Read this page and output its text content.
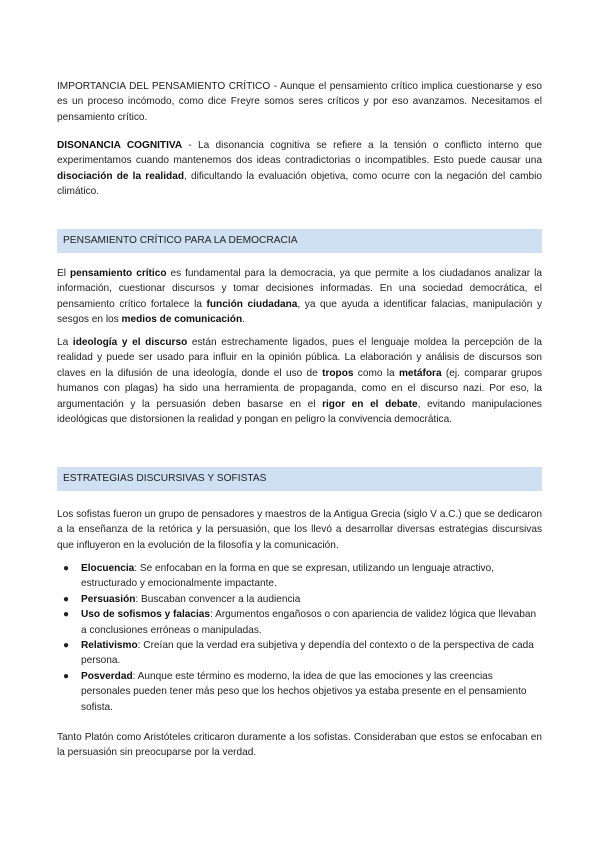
IMPORTANCIA DEL PENSAMIENTO CRÍTICO - Aunque el pensamiento crítico implica cuestionarse y eso es un proceso incómodo, como dice Freyre somos seres críticos y por eso avanzamos. Necesitamos el pensamiento crítico.

DISONANCIA COGNITIVA - La disonancia cognitiva se refiere a la tensión o conflicto interno que experimentamos cuando mantenemos dos ideas contradictorias o incompatibles. Esto puede causar una disociación de la realidad, dificultando la evaluación objetiva, como ocurre con la negación del cambio climático.

PENSAMIENTO CRÍTICO PARA LA DEMOCRACIA

El pensamiento crítico es fundamental para la democracia, ya que permite a los ciudadanos analizar la información, cuestionar discursos y tomar decisiones informadas. En una sociedad democrática, el pensamiento crítico fortalece la función ciudadana, ya que ayuda a identificar falacias, manipulación y sesgos en los medios de comunicación.

La ideología y el discurso están estrechamente ligados, pues el lenguaje moldea la percepción de la realidad y puede ser usado para influir en la opinión pública. La elaboración y análisis de discursos son claves en la difusión de una ideología, donde el uso de tropos como la metáfora (ej. comparar grupos humanos con plagas) ha sido una herramienta de propaganda, como en el discurso nazi. Por eso, la argumentación y la persuasión deben basarse en el rigor en el debate, evitando manipulaciones ideológicas que distorsionen la realidad y pongan en peligro la convivencia democrática.

ESTRATEGIAS DISCURSIVAS Y SOFISTAS

Los sofistas fueron un grupo de pensadores y maestros de la Antigua Grecia (siglo V a.C.) que se dedicaron a la enseñanza de la retórica y la persuasión, que los llevó a desarrollar diversas estrategias discursivas que influyeron en la evolución de la filosofía y la comunicación.

● Elocuencia: Se enfocaban en la forma en que se expresan, utilizando un lenguaje atractivo, estructurado y emocionalmente impactante.
● Persuasión: Buscaban convencer a la audiencia
● Uso de sofismos y falacias: Argumentos engañosos o con apariencia de validez lógica que llevaban a conclusiones erróneas o manipuladas.
● Relativismo: Creían que la verdad era subjetiva y dependía del contexto o de la perspectiva de cada persona.
● Posverdad: Aunque este término es moderno, la idea de que las emociones y las creencias personales pueden tener más peso que los hechos objetivos ya estaba presente en el pensamiento sofista.

Tanto Platón como Aristóteles criticaron duramente a los sofistas. Consideraban que estos se enfocaban en la persuasión sin preocuparse por la verdad.
